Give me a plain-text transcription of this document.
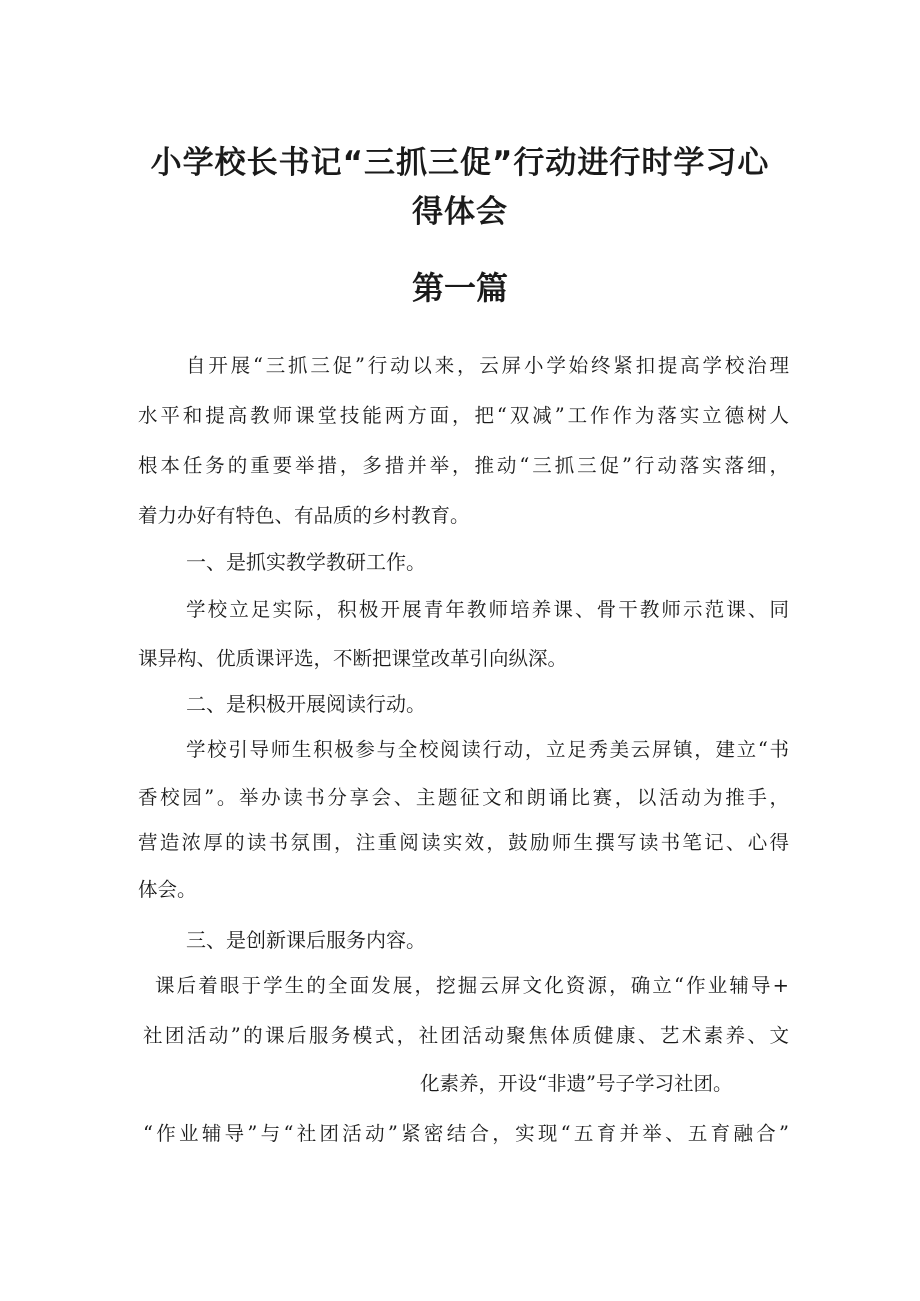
小学校长书记“三抓三促”行动进行时学习心
得体会
第一篇

自开展“三抓三促”行动以来，云屏小学始终紧扣提高学校治理

水平和提高教师课堂技能两方面，把“双减”工作作为落实立德树人

根本任务的重要举措，多措并举，推动“三抓三促”行动落实落细，

着力办好有特色、有品质的乡村教育。

一、是抓实教学教研工作。

学校立足实际，积极开展青年教师培养课、骨干教师示范课、同

课异构、优质课评选，不断把课堂改革引向纵深。

二、是积极开展阅读行动。

学校引导师生积极参与全校阅读行动，立足秀美云屏镇，建立“书

香校园”。举办读书分享会、主题征文和朗诵比赛，以活动为推手，

营造浓厚的读书氛围，注重阅读实效，鼓励师生撰写读书笔记、心得

体会。

三、是创新课后服务内容。

课后着眼于学生的全面发展，挖掘云屏文化资源，确立“作业辅导+

社团活动”的课后服务模式，社团活动聚焦体质健康、艺术素养、文

化素养，开设“非遗”号子学习社团。

“作业辅导”与“社团活动”紧密结合，实现“五育并举、五育融合”
